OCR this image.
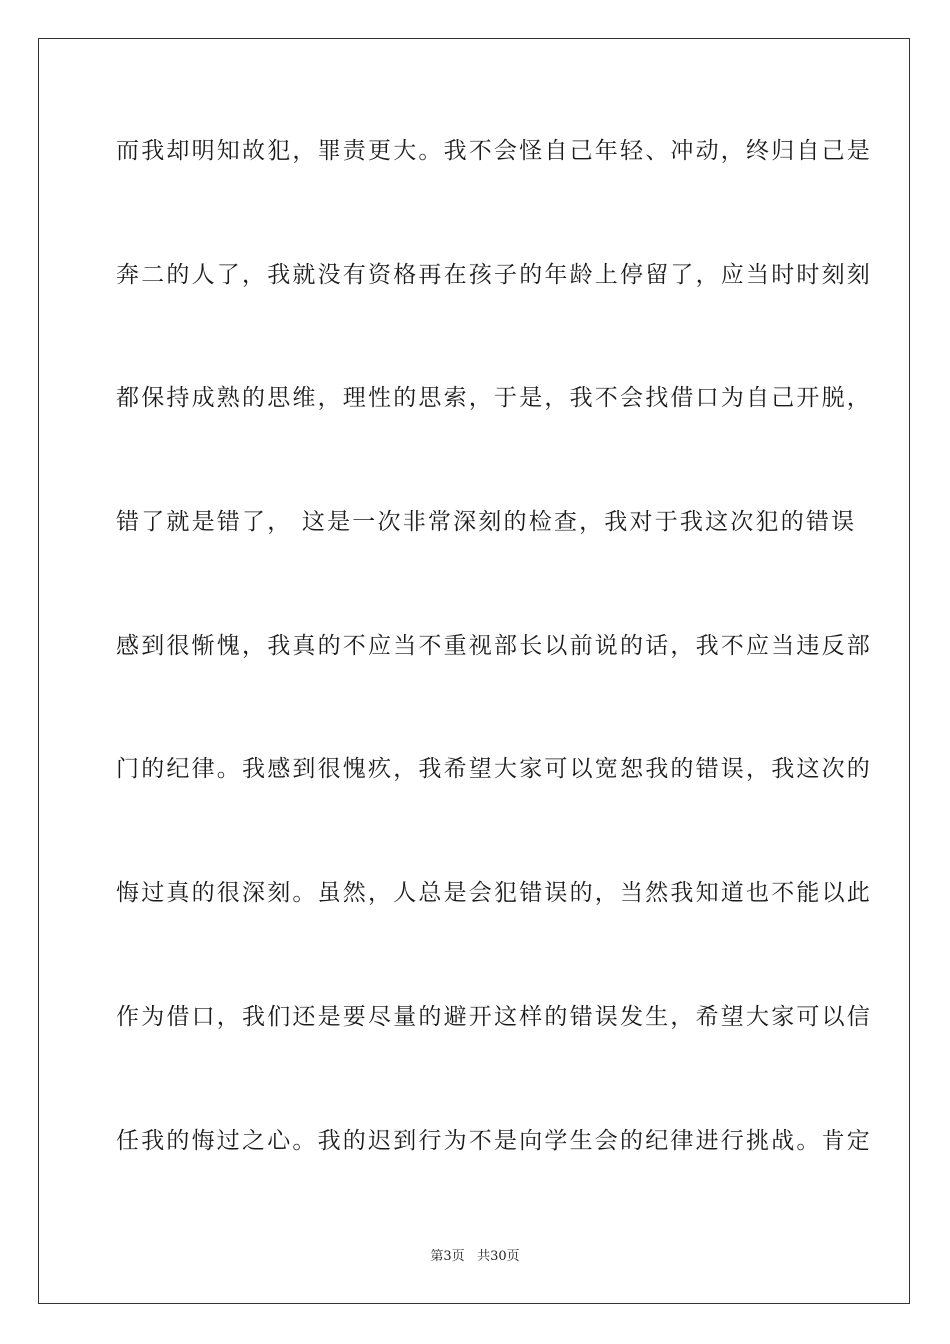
而我却明知故犯，罪责更大。我不会怪自己年轻、冲动，终归自己是
奔二的人了，我就没有资格再在孩子的年龄上停留了，应当时时刻刻
都保持成熟的思维，理性的思索，于是，我不会找借口为自己开脱，
错了就是错了， 这是一次非常深刻的检查，我对于我这次犯的错误
感到很惭愧，我真的不应当不重视部长以前说的话，我不应当违反部
门的纪律。我感到很愧疚，我希望大家可以宽恕我的错误，我这次的
悔过真的很深刻。虽然，人总是会犯错误的，当然我知道也不能以此
作为借口，我们还是要尽量的避开这样的错误发生，希望大家可以信
任我的悔过之心。我的迟到行为不是向学生会的纪律进行挑战。肯定
第3页 共30页
